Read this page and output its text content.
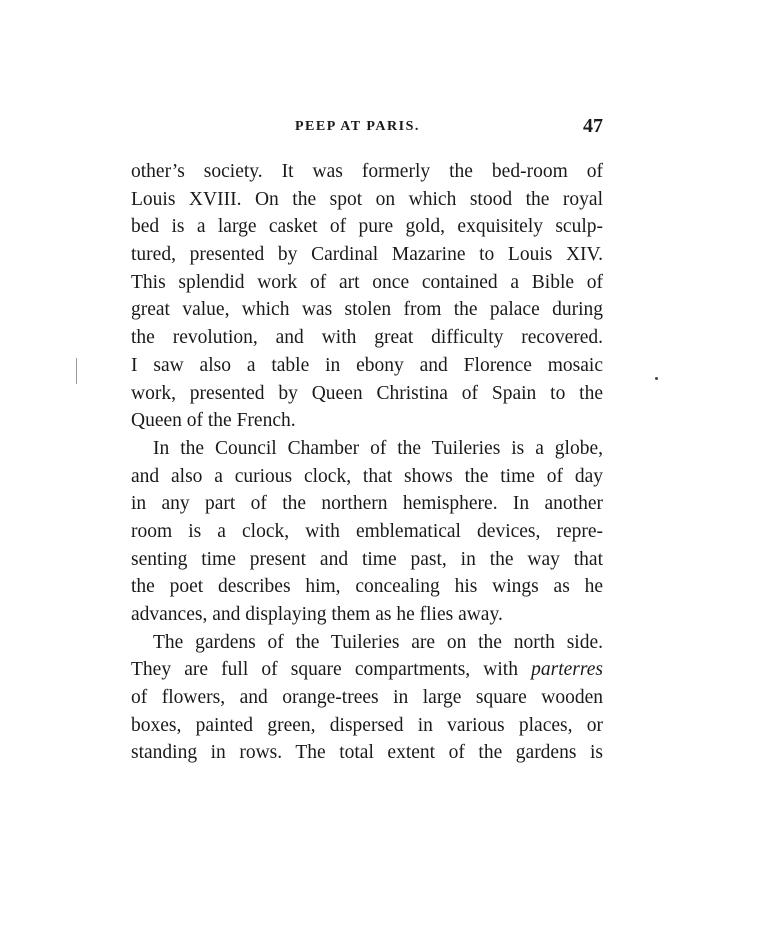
PEEP AT PARIS.	47
other’s society. It was formerly the bed-room of
Louis XVIII. On the spot on which stood the royal
bed is a large casket of pure gold, exquisitely sculp-
tured, presented by Cardinal Mazarine to Louis XIV.
This splendid work of art once contained a Bible of
great value, which was stolen from the palace during
the revolution, and with great difficulty recovered.
I saw also a table in ebony and Florence mosaic
work, presented by Queen Christina of Spain to the
Queen of the French.
In the Council Chamber of the Tuileries is a globe,
and also a curious clock, that shows the time of day
in any part of the northern hemisphere. In another
room is a clock, with emblematical devices, repre-
senting time present and time past, in the way that
the poet describes him, concealing his wings as he
advances, and displaying them as he flies away.
The gardens of the Tuileries are on the north side.
They are full of square compartments, with parterres
of flowers, and orange-trees in large square wooden
boxes, painted green, dispersed in various places, or
standing in rows. The total extent of the gardens is
